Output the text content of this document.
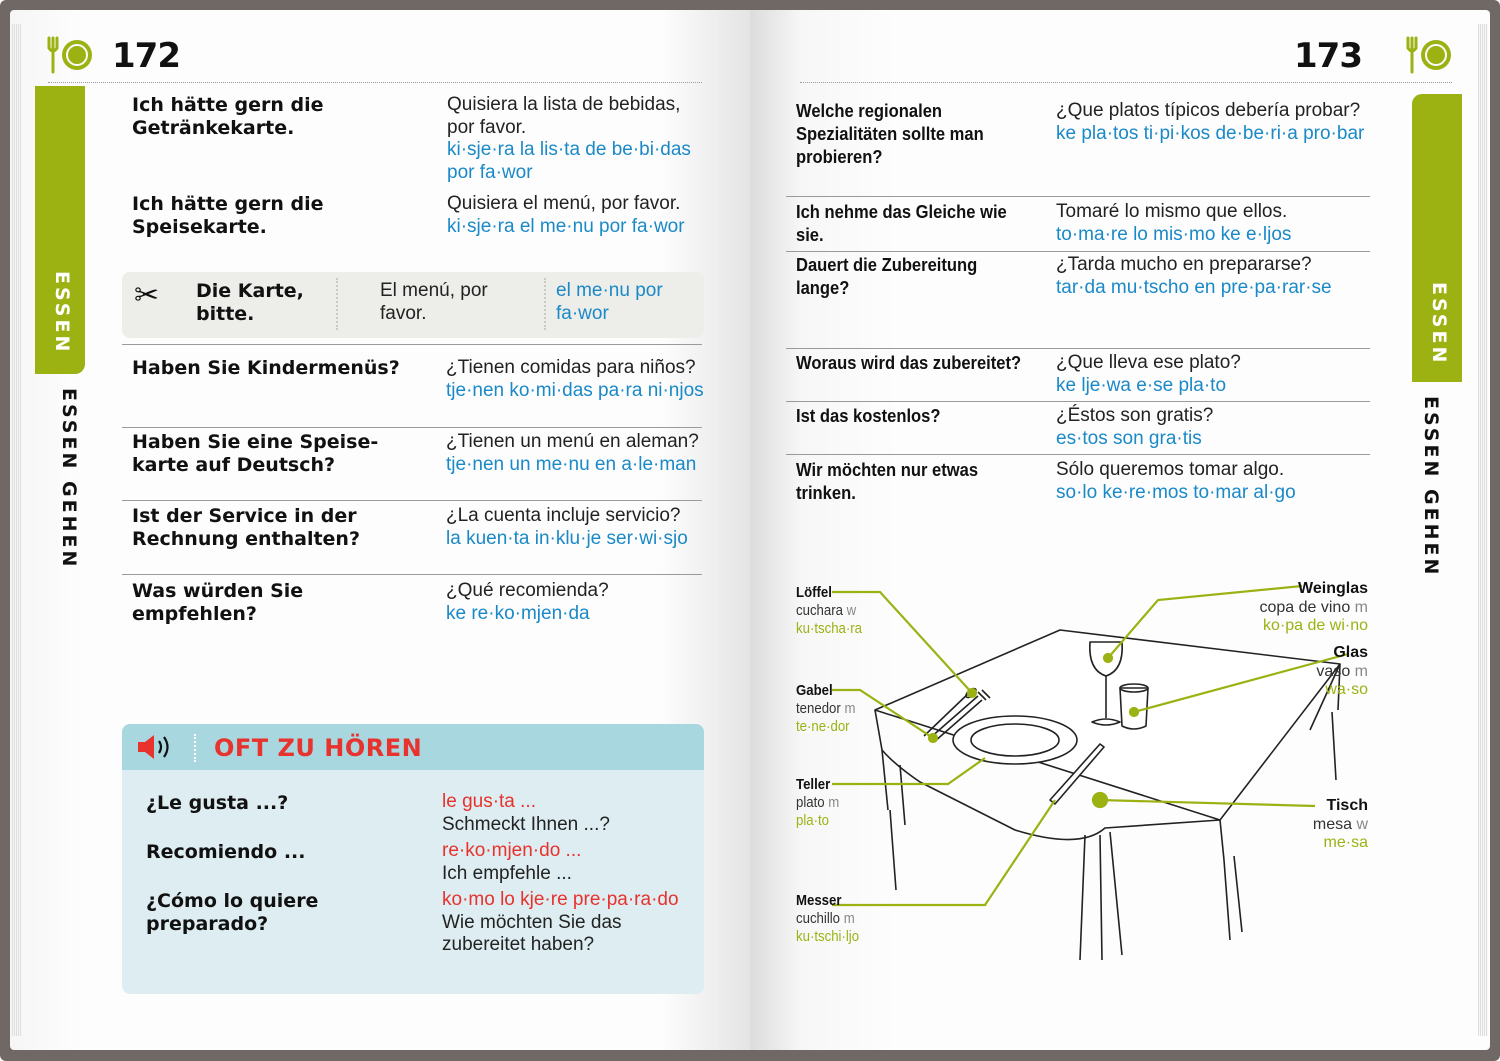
172
ESSEN
ESSEN GEHEN
Ich hätte gern die Getränkekarte.
Quisiera la lista de bebidas, por favor.
ki·sje·ra la lis·ta de be·bi·das por fa·wor
Ich hätte gern die Speisekarte.
Quisiera el menú, por favor.
ki·sje·ra el me·nu por fa·wor
✂ Die Karte, bitte.
El menú, por favor.
el me·nu por fa·wor
Haben Sie Kindermenüs?	¿Tienen comidas para niños?
tje·nen ko·mi·das pa·ra ni·njos
Haben Sie eine Speise-karte auf Deutsch?
¿Tienen un menú en aleman?
tje·nen un me·nu en a·le·man
Ist der Service in der Rechnung enthalten?
¿La cuenta incluje servicio?
la kuen·ta in·klu·je ser·wi·sjo
Was würden Sie empfehlen?
¿Qué recomienda?
ke re·ko·mjen·da
OFT ZU HÖREN
¿Le gusta ...?	le gus·ta ...
Schmeckt Ihnen ...?
Recomiendo ...	re·ko·mjen·do ...
Ich empfehle ...
¿Cómo lo quiere preparado?
ko·mo lo kje·re pre·pa·ra·do
Wie möchten Sie das zubereitet haben?
173
ESSEN
ESSEN GEHEN
Welche regionalen Spezialitäten sollte man probieren?
¿Que platos típicos debería probar?
ke pla·tos ti·pi·kos de·be·ri·a pro·bar
Ich nehme das Gleiche wie sie.
Tomaré lo mismo que ellos.
to·ma·re lo mis·mo ke e·ljos
Dauert die Zubereitung lange?
¿Tarda mucho en prepararse?
tar·da mu·tscho en pre·pa·rar·se
Woraus wird das zubereitet? ¿Que lleva ese plato?
ke lje·wa e·se pla·to
Ist das kostenlos?	¿Éstos son gratis?
es·tos son gra·tis
Wir möchten nur etwas trinken.
Sólo queremos tomar algo.
so·lo ke·re·mos to·mar al·go
Löffel
cuchara w
ku·tscha·ra
Gabel
tenedor m
te·ne·dor
Teller
plato m
pla·to
Messer
cuchillo m
ku·tschi·ljo
Weinglas
copa de vino m
ko·pa de wi·no
Glas
vaso m
wa·so
Tisch
mesa w
me·sa
